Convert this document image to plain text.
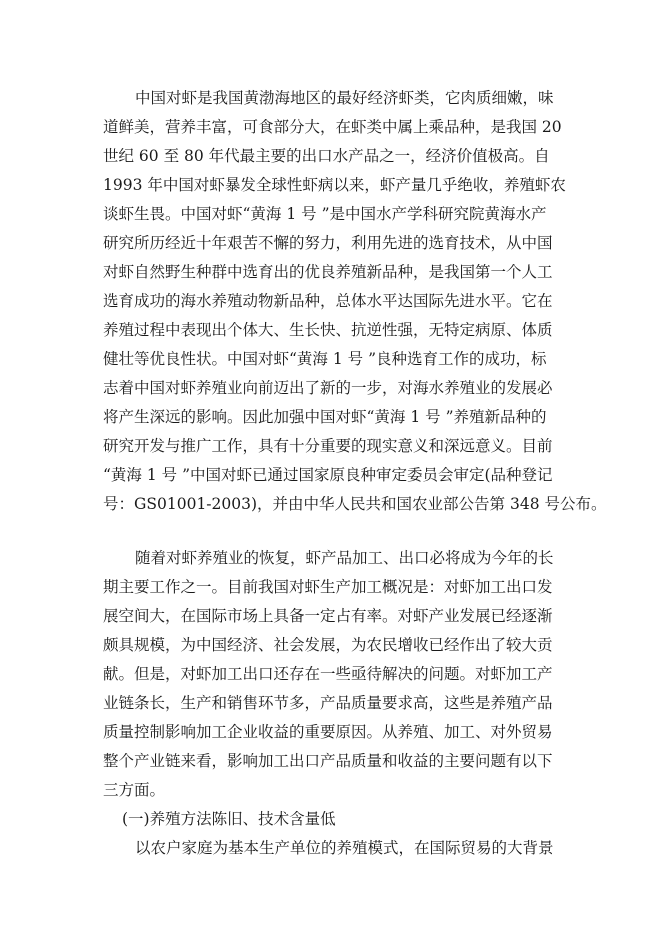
中国对虾是我国黄渤海地区的最好经济虾类，它肉质细嫩，味
道鲜美，营养丰富，可食部分大，在虾类中属上乘品种，是我国 20
世纪 60 至 80 年代最主要的出口水产品之一，经济价值极高。自
1993 年中国对虾暴发全球性虾病以来，虾产量几乎绝收，养殖虾农
谈虾生畏。中国对虾“黄海 1 号 ”是中国水产学科研究院黄海水产
研究所历经近十年艰苦不懈的努力，利用先进的选育技术，从中国
对虾自然野生种群中选育出的优良养殖新品种，是我国第一个人工
选育成功的海水养殖动物新品种，总体水平达国际先进水平。它在
养殖过程中表现出个体大、生长快、抗逆性强，无特定病原、体质
健壮等优良性状。中国对虾“黄海 1 号 ”良种选育工作的成功，标
志着中国对虾养殖业向前迈出了新的一步，对海水养殖业的发展必
将产生深远的影响。因此加强中国对虾“黄海 1 号 ”养殖新品种的
研究开发与推广工作，具有十分重要的现实意义和深远意义。目前
“黄海 1 号 ”中国对虾已通过国家原良种审定委员会审定(品种登记
号：GS01001-2003)，并由中华人民共和国农业部公告第 348 号公布。
随着对虾养殖业的恢复，虾产品加工、出口必将成为今年的长
期主要工作之一。目前我国对虾生产加工概况是：对虾加工出口发
展空间大，在国际市场上具备一定占有率。对虾产业发展已经逐渐
颇具规模，为中国经济、社会发展，为农民增收已经作出了较大贡
献。但是，对虾加工出口还存在一些亟待解决的问题。对虾加工产
业链条长，生产和销售环节多，产品质量要求高，这些是养殖产品
质量控制影响加工企业收益的重要原因。从养殖、加工、对外贸易
整个产业链来看，影响加工出口产品质量和收益的主要问题有以下
三方面。
(一)养殖方法陈旧、技术含量低
以农户家庭为基本生产单位的养殖模式，在国际贸易的大背景
